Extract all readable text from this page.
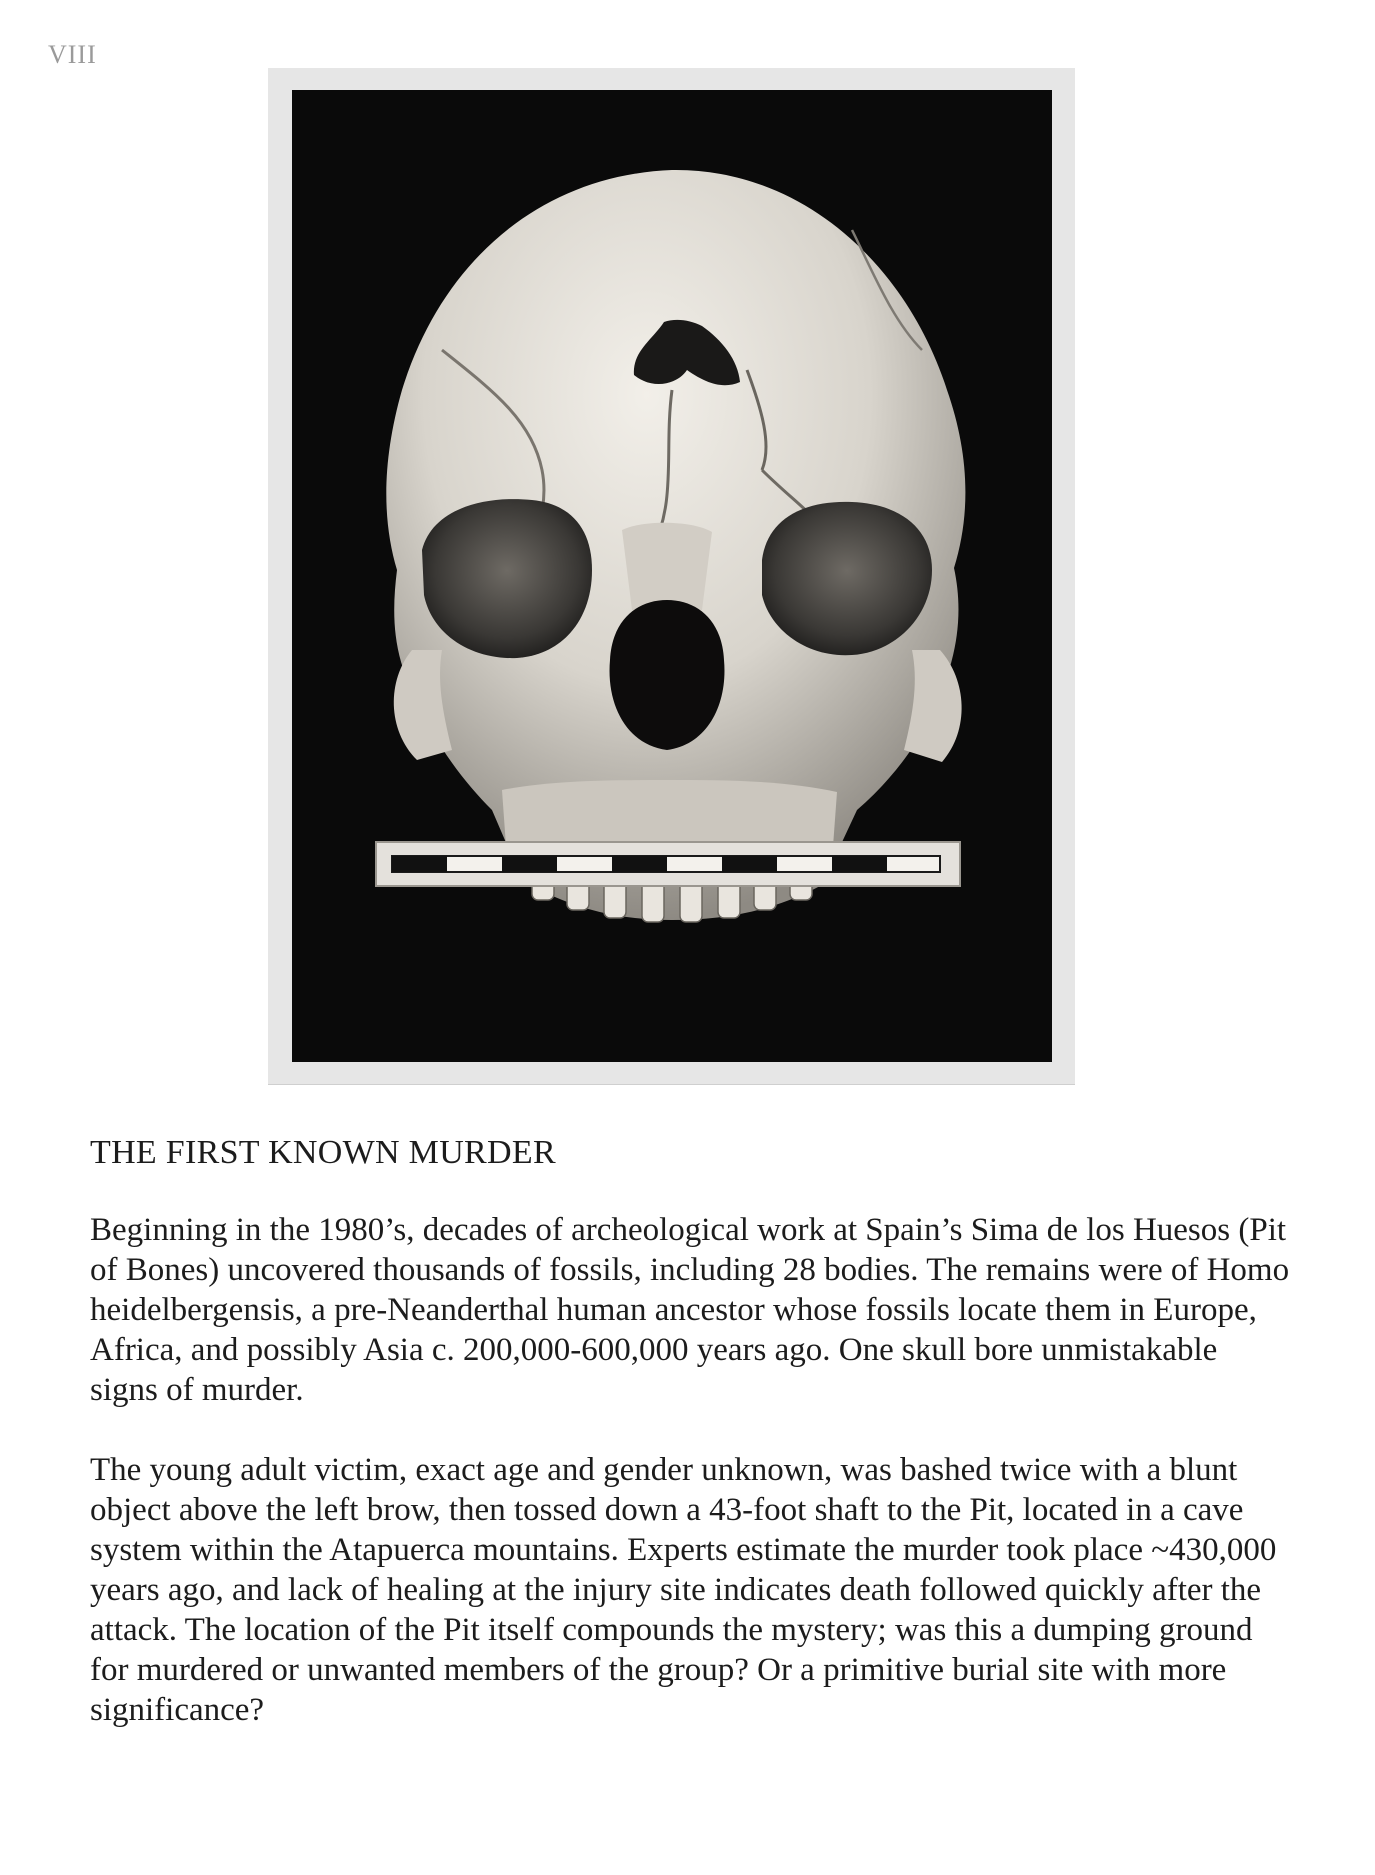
VIII
THE FIRST KNOWN MURDER

Beginning in the 1980’s, decades of archeological work at Spain’s Sima de los Huesos (Pit of Bones) uncovered thousands of fossils, including 28 bodies. The remains were of Homo heidelbergensis, a pre-Neanderthal human ancestor whose fossils locate them in Europe, Africa, and possibly Asia c. 200,000-600,000 years ago. One skull bore unmistakable signs of murder.

The young adult victim, exact age and gender unknown, was bashed twice with a blunt object above the left brow, then tossed down a 43-foot shaft to the Pit, located in a cave system within the Atapuerca mountains. Experts estimate the murder took place ~430,000 years ago, and lack of healing at the injury site indicates death followed quickly after the attack. The location of the Pit itself compounds the mystery; was this a dumping ground for murdered or unwanted members of the group? Or a primitive burial site with more significance?
